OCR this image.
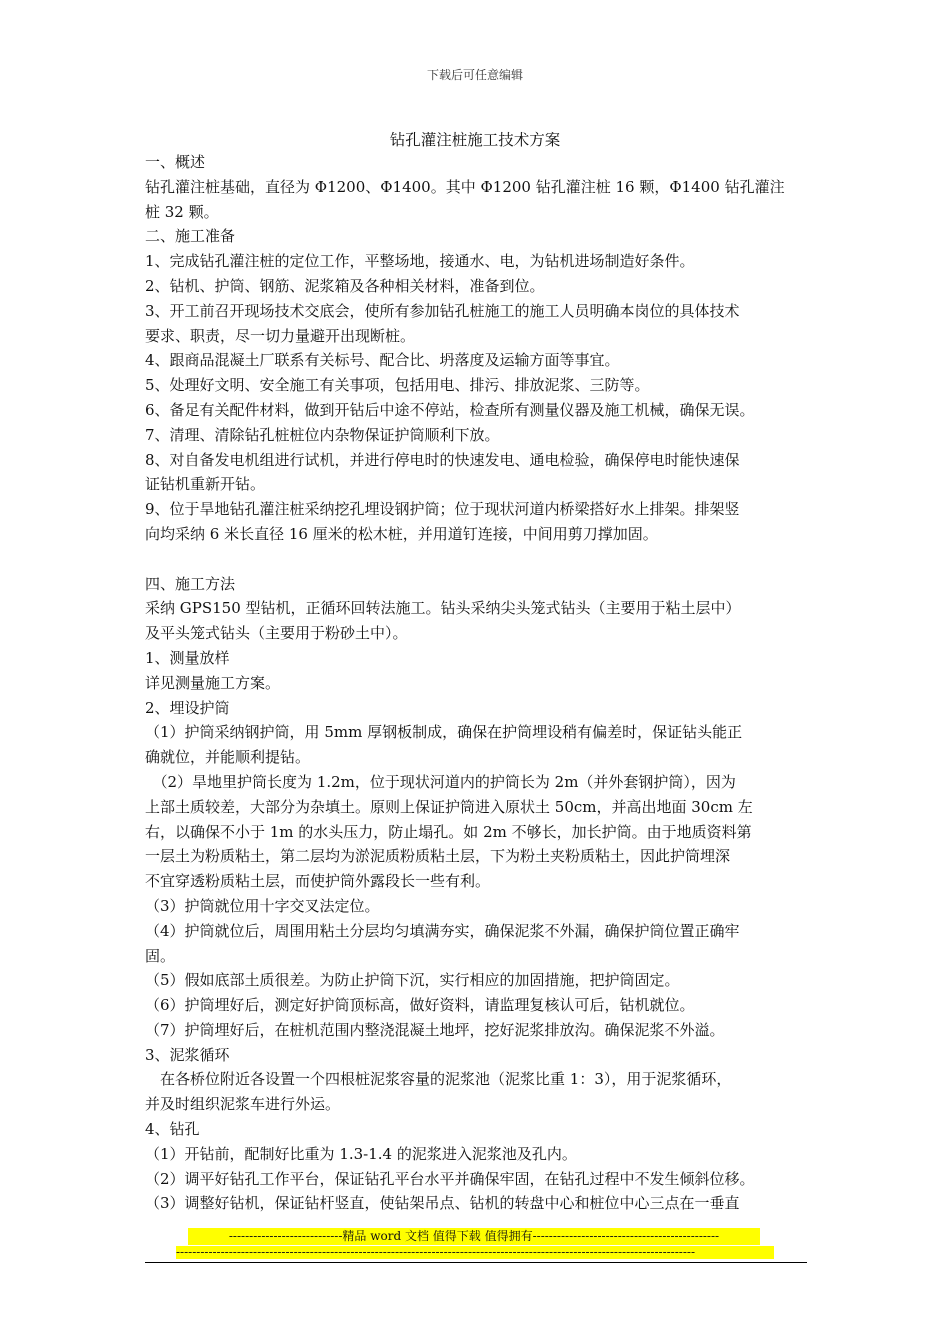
下载后可任意编辑
钻孔灌注桩施工技术方案

一、概述

钻孔灌注桩基础，直径为 Φ1200、Φ1400。其中 Φ1200 钻孔灌注桩 16 颗，Φ1400 钻孔灌注

桩 32 颗。

二、施工准备

1、完成钻孔灌注桩的定位工作，平整场地，接通水、电，为钻机进场制造好条件。

2、钻机、护筒、钢筋、泥浆箱及各种相关材料，准备到位。

3、开工前召开现场技术交底会，使所有参加钻孔桩施工的施工人员明确本岗位的具体技术

要求、职责，尽一切力量避开出现断桩。

4、跟商品混凝土厂联系有关标号、配合比、坍落度及运输方面等事宜。

5、处理好文明、安全施工有关事项，包括用电、排污、排放泥浆、三防等。

6、备足有关配件材料，做到开钻后中途不停站，检查所有测量仪器及施工机械，确保无误。

7、清理、清除钻孔桩桩位内杂物保证护筒顺利下放。

8、对自备发电机组进行试机，并进行停电时的快速发电、通电检验，确保停电时能快速保

证钻机重新开钻。

9、位于旱地钻孔灌注桩采纳挖孔埋设钢护筒；位于现状河道内桥梁搭好水上排架。排架竖

向均采纳 6 米长直径 16 厘米的松木桩，并用道钉连接，中间用剪刀撑加固。

四、施工方法

采纳 GPS150 型钻机，正循环回转法施工。钻头采纳尖头笼式钻头（主要用于粘土层中）

及平头笼式钻头（主要用于粉砂土中）。

1、测量放样

详见测量施工方案。

2、埋设护筒

（1）护筒采纳钢护筒，用 5mm 厚钢板制成，确保在护筒埋设稍有偏差时，保证钻头能正

确就位，并能顺利提钻。

　（2）旱地里护筒长度为 1.2m，位于现状河道内的护筒长为 2m（并外套钢护筒），因为

上部土质较差，大部分为杂填土。原则上保证护筒进入原状土 50cm，并高出地面 30cm 左

右，以确保不小于 1m 的水头压力，防止塌孔。如 2m 不够长，加长护筒。由于地质资料第

一层土为粉质粘土，第二层均为淤泥质粉质粘土层，下为粉土夹粉质粘土，因此护筒埋深

不宜穿透粉质粘土层，而使护筒外露段长一些有利。

（3）护筒就位用十字交叉法定位。

（4）护筒就位后，周围用粘土分层均匀填满夯实，确保泥浆不外漏，确保护筒位置正确牢

固。

（5）假如底部土质很差。为防止护筒下沉，实行相应的加固措施，把护筒固定。

（6）护筒埋好后，测定好护筒顶标高，做好资料，请监理复核认可后，钻机就位。

（7）护筒埋好后，在桩机范围内整浇混凝土地坪，挖好泥浆排放沟。确保泥浆不外溢。

3、泥浆循环

　在各桥位附近各设置一个四根桩泥浆容量的泥浆池（泥浆比重 1：3），用于泥浆循环，

并及时组织泥浆车进行外运。

4、钻孔

（1）开钻前，配制好比重为 1.3-1.4 的泥浆进入泥浆池及孔内。

（2）调平好钻孔工作平台，保证钻孔平台水平并确保牢固，在钻孔过程中不发生倾斜位移。

（3）调整好钻机，保证钻杆竖直，使钻架吊点、钻机的转盘中心和桩位中心三点在一垂直

----------------------------精品 word 文档 值得下载 值得拥有----------------------------------------------
--------------------------------------------------------------------------------------------------------------------------------
